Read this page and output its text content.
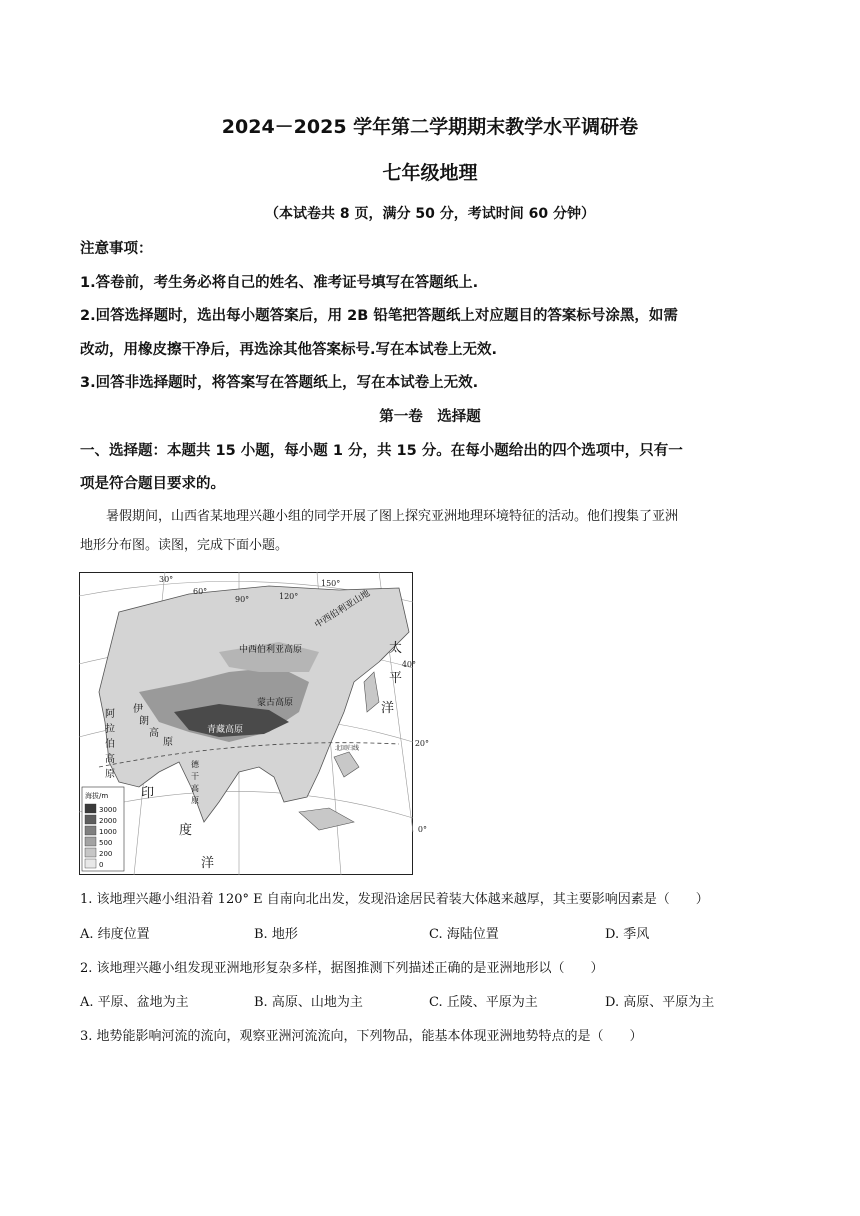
2024－2025 学年第二学期期末教学水平调研卷
七年级地理
（本试卷共 8 页，满分 50 分，考试时间 60 分钟）
注意事项：
1.答卷前，考生务必将自己的姓名、准考证号填写在答题纸上.
2.回答选择题时，选出每小题答案后，用 2B 铅笔把答题纸上对应题目的答案标号涂黑，如需
改动，用橡皮擦干净后，再选涂其他答案标号.写在本试卷上无效.
3.回答非选择题时，将答案写在答题纸上，写在本试卷上无效.
第一卷　选择题
一、选择题：本题共 15 小题，每小题 1 分，共 15 分。在每小题给出的四个选项中，只有一
项是符合题目要求的。
暑假期间，山西省某地理兴趣小组的同学开展了图上探究亚洲地理环境特征的活动。他们搜集了亚洲
地形分布图。读图，完成下面小题。
30°
60°
90°	120°
150°
40°
20°
0°
中西伯利亚山地
中西伯利亚高原
蒙古高原
青藏高原
北回归线
伊
朗
高
原
阿
拉
伯
高
原
德
干
高
原
太
平
洋
印
度
洋
海拔/m
3000
2000
1000
500
200
0
1. 该地理兴趣小组沿着 120° E 自南向北出发，发现沿途居民着装大体越来越厚，其主要影响因素是（　　）
A. 纬度位置	B. 地形	C. 海陆位置	D. 季风
2. 该地理兴趣小组发现亚洲地形复杂多样，据图推测下列描述正确的是亚洲地形以（　　）
A. 平原、盆地为主	B. 高原、山地为主	C. 丘陵、平原为主	D. 高原、平原为主
3. 地势能影响河流的流向，观察亚洲河流流向，下列物品，能基本体现亚洲地势特点的是（　　）
